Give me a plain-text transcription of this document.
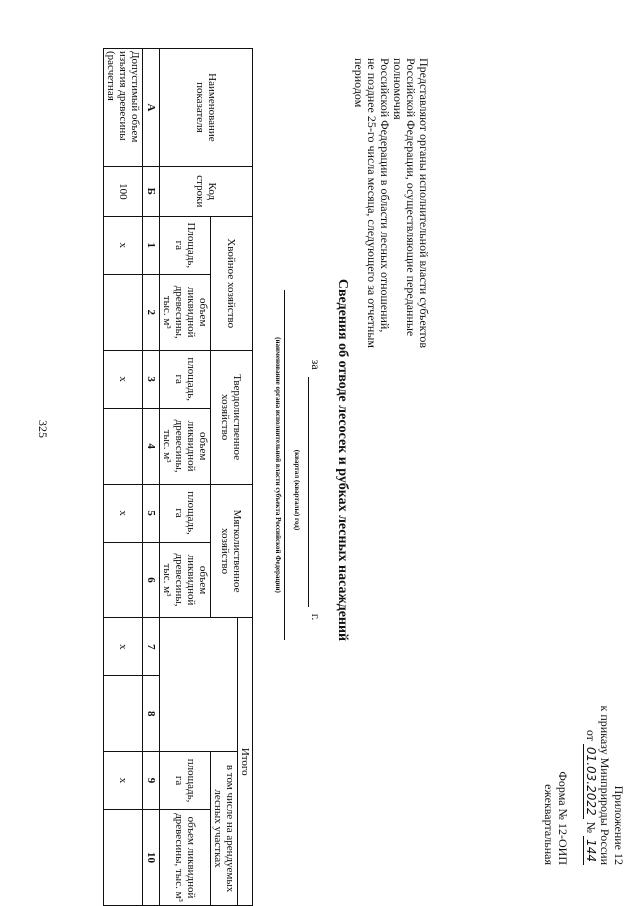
325
Приложение 12
к приказу Минприроды России
от 01.03.2022 № 144
Форма № 12-ОИП
ежеквартальная
Представляют органы исполнительной власти субъектов
Российской Федерации, осуществляющие переданные полномочия
Российской Федерации в области лесных отношений,
не позднее 25-го числа месяца, следующего за отчетным периодом
Сведения об отводе лесосек и рубках лесных насаждений
за  г.
(квартал (кварталы) год)
(наименование органа исполнительной власти субъекта Российской Федерации)
Наименование показателя	Код строки	Хвойное хозяйство		Твердолиственное хозяйство		Мягколиственное хозяйство		Итого			

										в том числе на арендуемых лесных участках	
		Площадь, га	объем ликвидной древесины, тыс. м³	площадь, га	объем ликвидной древесины, тыс. м³	площадь, га	объем ликвидной древесины, тыс. м³			площадь, га	объем ликвидной древесины, тыс. м³
А	Б	1	2	3	4	5	6	7	8	9	10
Допустимый объем изъятия древесины (расчетная	100	x		x		x		x		x	
